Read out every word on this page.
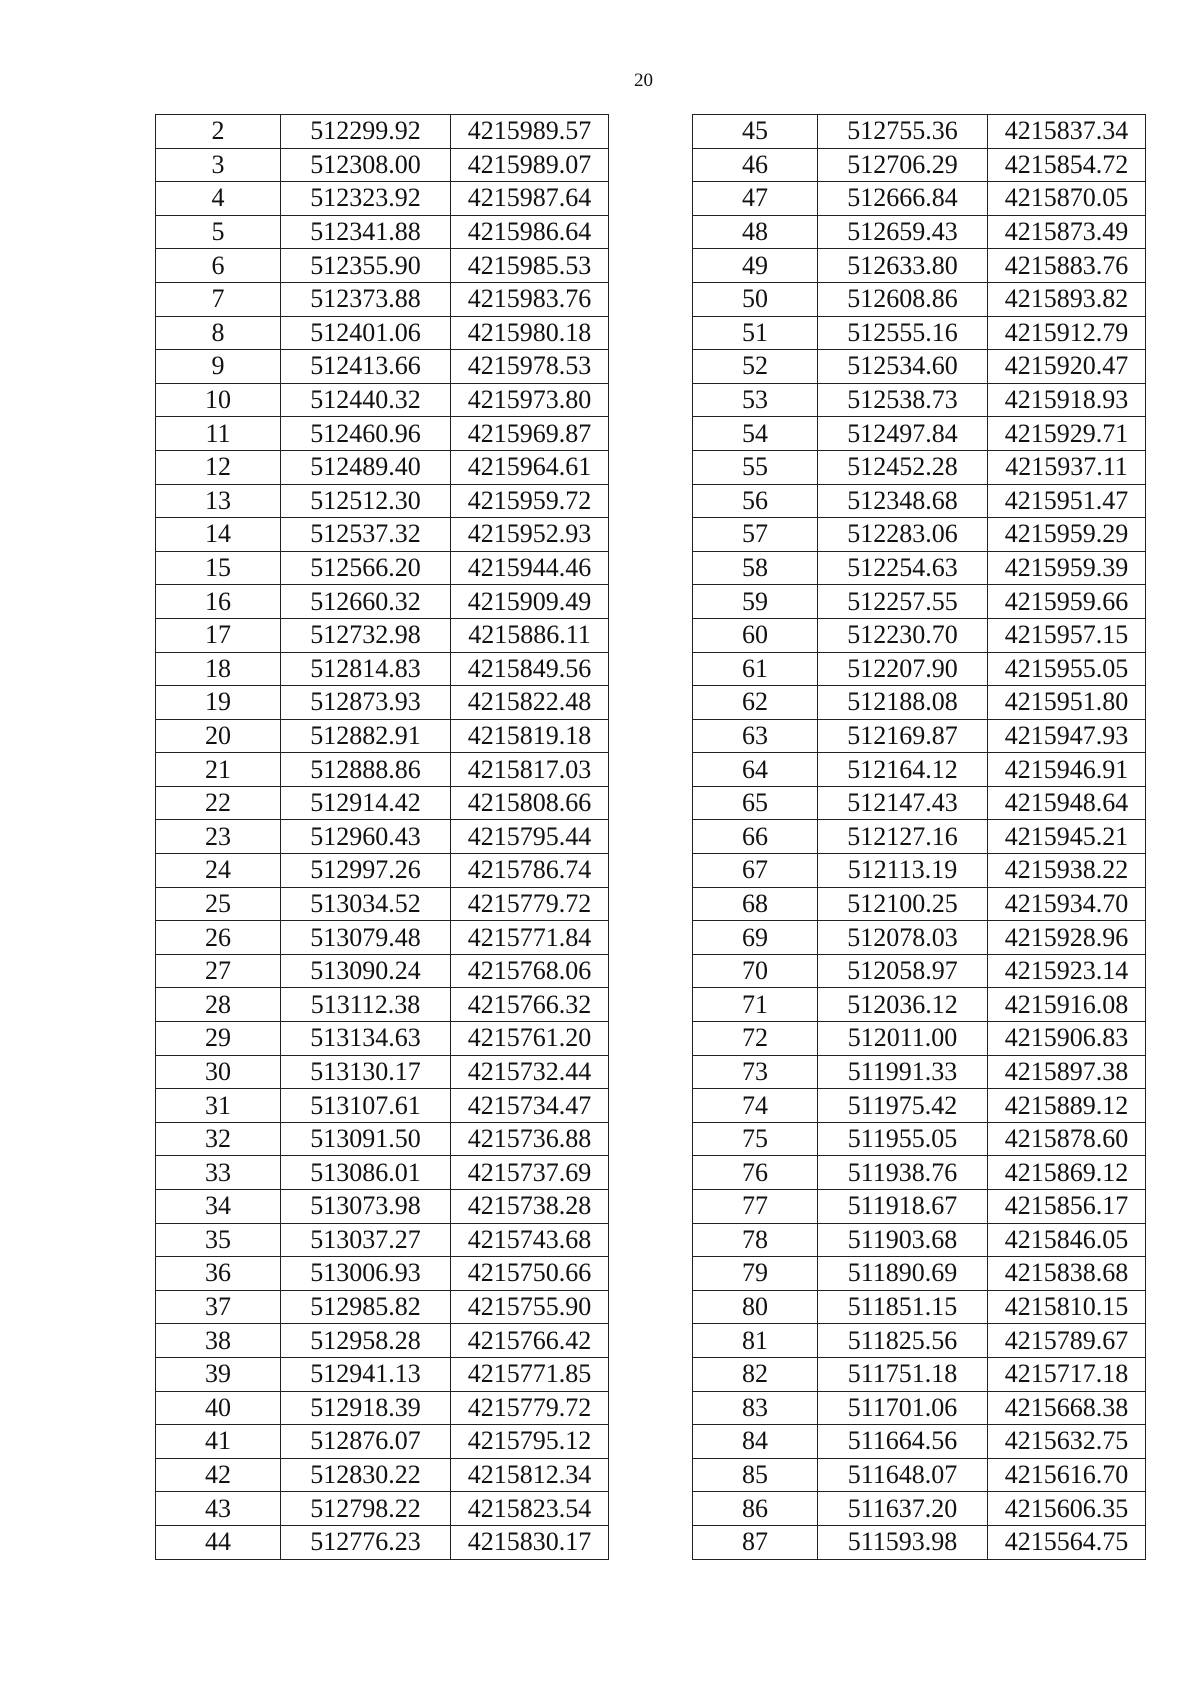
20
2	512299.92	4215989.57
3	512308.00	4215989.07
4	512323.92	4215987.64
5	512341.88	4215986.64
6	512355.90	4215985.53
7	512373.88	4215983.76
8	512401.06	4215980.18
9	512413.66	4215978.53
10	512440.32	4215973.80
11	512460.96	4215969.87
12	512489.40	4215964.61
13	512512.30	4215959.72
14	512537.32	4215952.93
15	512566.20	4215944.46
16	512660.32	4215909.49
17	512732.98	4215886.11
18	512814.83	4215849.56
19	512873.93	4215822.48
20	512882.91	4215819.18
21	512888.86	4215817.03
22	512914.42	4215808.66
23	512960.43	4215795.44
24	512997.26	4215786.74
25	513034.52	4215779.72
26	513079.48	4215771.84
27	513090.24	4215768.06
28	513112.38	4215766.32
29	513134.63	4215761.20
30	513130.17	4215732.44
31	513107.61	4215734.47
32	513091.50	4215736.88
33	513086.01	4215737.69
34	513073.98	4215738.28
35	513037.27	4215743.68
36	513006.93	4215750.66
37	512985.82	4215755.90
38	512958.28	4215766.42
39	512941.13	4215771.85
40	512918.39	4215779.72
41	512876.07	4215795.12
42	512830.22	4215812.34
43	512798.22	4215823.54
44	512776.23	4215830.17
45	512755.36	4215837.34
46	512706.29	4215854.72
47	512666.84	4215870.05
48	512659.43	4215873.49
49	512633.80	4215883.76
50	512608.86	4215893.82
51	512555.16	4215912.79
52	512534.60	4215920.47
53	512538.73	4215918.93
54	512497.84	4215929.71
55	512452.28	4215937.11
56	512348.68	4215951.47
57	512283.06	4215959.29
58	512254.63	4215959.39
59	512257.55	4215959.66
60	512230.70	4215957.15
61	512207.90	4215955.05
62	512188.08	4215951.80
63	512169.87	4215947.93
64	512164.12	4215946.91
65	512147.43	4215948.64
66	512127.16	4215945.21
67	512113.19	4215938.22
68	512100.25	4215934.70
69	512078.03	4215928.96
70	512058.97	4215923.14
71	512036.12	4215916.08
72	512011.00	4215906.83
73	511991.33	4215897.38
74	511975.42	4215889.12
75	511955.05	4215878.60
76	511938.76	4215869.12
77	511918.67	4215856.17
78	511903.68	4215846.05
79	511890.69	4215838.68
80	511851.15	4215810.15
81	511825.56	4215789.67
82	511751.18	4215717.18
83	511701.06	4215668.38
84	511664.56	4215632.75
85	511648.07	4215616.70
86	511637.20	4215606.35
87	511593.98	4215564.75
